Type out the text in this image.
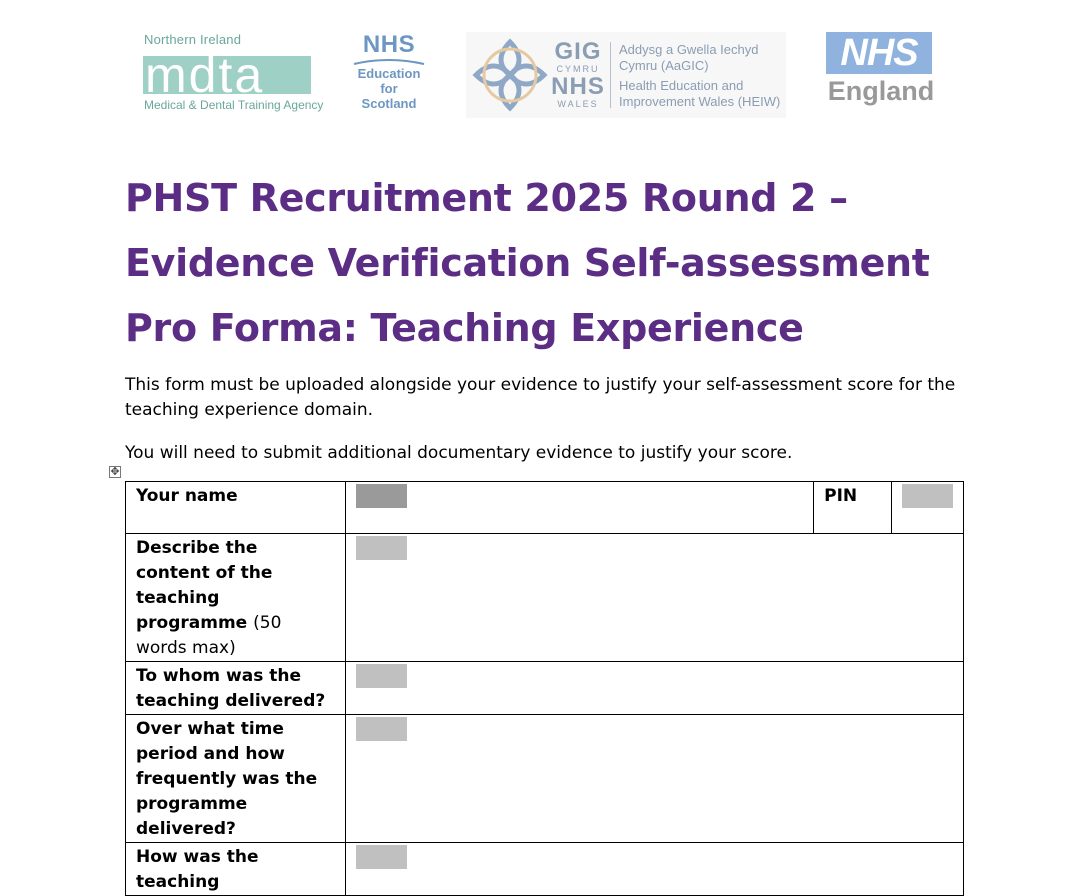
Northern Ireland
mdta
Medical & Dental Training Agency
NHS
Education
for
Scotland
GIG
CYMRU
NHS
WALES
Addysg a Gwella Iechyd
Cymru (AaGIC)
Health Education and
Improvement Wales (HEIW)
NHS
England
PHST Recruitment 2025 Round 2 – Evidence Verification Self-assessment Pro Forma: Teaching Experience

This form must be uploaded alongside your evidence to justify your self-assessment score for the teaching experience domain.

You will need to submit additional documentary evidence to justify your score.

✥
Your name		PIN	
Describe the content of the teaching programme (50 words max)			
To whom was the teaching delivered?			
Over what time period and how frequently was the programme delivered?			
How was the teaching			
